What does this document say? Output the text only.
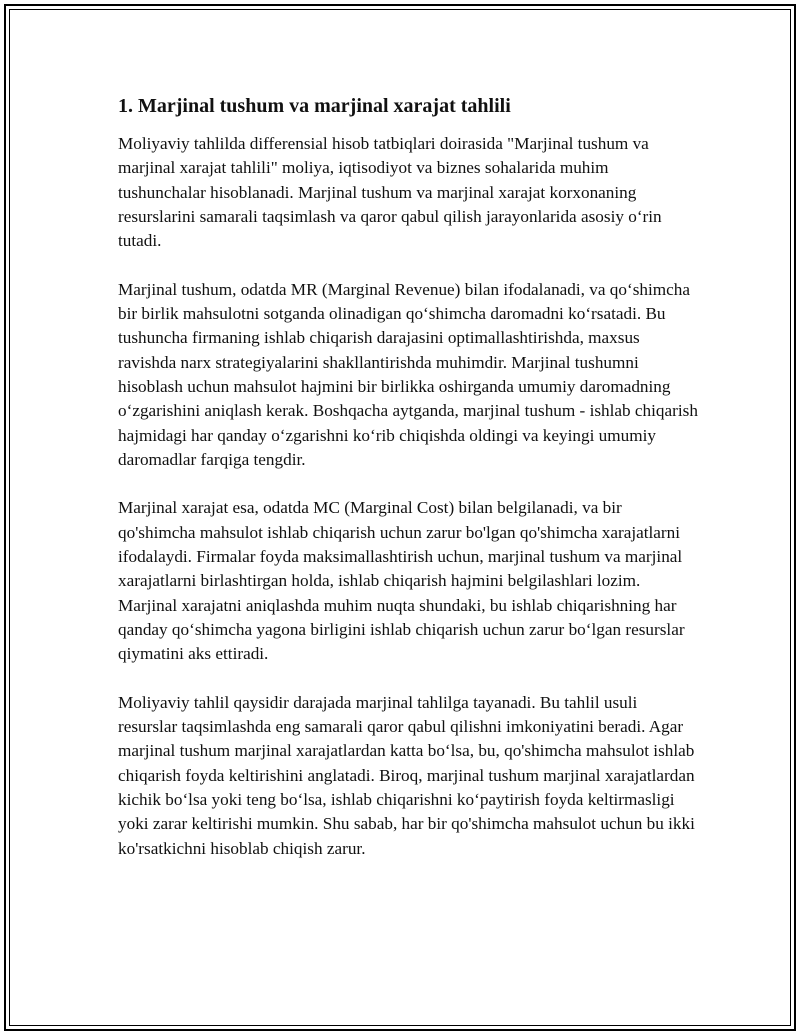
1. Marjinal tushum va marjinal xarajat tahlili

Moliyaviy tahlilda differensial hisob tatbiqlari doirasida "Marjinal tushum va marjinal xarajat tahlili" moliya, iqtisodiyot va biznes sohalarida muhim tushunchalar hisoblanadi. Marjinal tushum va marjinal xarajat korxonaning resurslarini samarali taqsimlash va qaror qabul qilish jarayonlarida asosiy o‘rin tutadi.

Marjinal tushum, odatda MR (Marginal Revenue) bilan ifodalanadi, va qo‘shimcha bir birlik mahsulotni sotganda olinadigan qo‘shimcha daromadni ko‘rsatadi. Bu tushuncha firmaning ishlab chiqarish darajasini optimallashtirishda, maxsus ravishda narx strategiyalarini shakllantirishda muhimdir. Marjinal tushumni hisoblash uchun mahsulot hajmini bir birlikka oshirganda umumiy daromadning o‘zgarishini aniqlash kerak. Boshqacha aytganda, marjinal tushum - ishlab chiqarish hajmidagi har qanday o‘zgarishni ko‘rib chiqishda oldingi va keyingi umumiy daromadlar farqiga tengdir.

Marjinal xarajat esa, odatda MC (Marginal Cost) bilan belgilanadi, va bir qo'shimcha mahsulot ishlab chiqarish uchun zarur bo'lgan qo'shimcha xarajatlarni ifodalaydi. Firmalar foyda maksimallashtirish uchun, marjinal tushum va marjinal xarajatlarni birlashtirgan holda, ishlab chiqarish hajmini belgilashlari lozim. Marjinal xarajatni aniqlashda muhim nuqta shundaki, bu ishlab chiqarishning har qanday qo‘shimcha yagona birligini ishlab chiqarish uchun zarur bo‘lgan resurslar qiymatini aks ettiradi.

Moliyaviy tahlil qaysidir darajada marjinal tahlilga tayanadi. Bu tahlil usuli resurslar taqsimlashda eng samarali qaror qabul qilishni imkoniyatini beradi. Agar marjinal tushum marjinal xarajatlardan katta bo‘lsa, bu, qo'shimcha mahsulot ishlab chiqarish foyda keltirishini anglatadi. Biroq, marjinal tushum marjinal xarajatlardan kichik bo‘lsa yoki teng bo‘lsa, ishlab chiqarishni ko‘paytirish foyda keltirmasligi yoki zarar keltirishi mumkin. Shu sabab, har bir qo'shimcha mahsulot uchun bu ikki ko'rsatkichni hisoblab chiqish zarur.
